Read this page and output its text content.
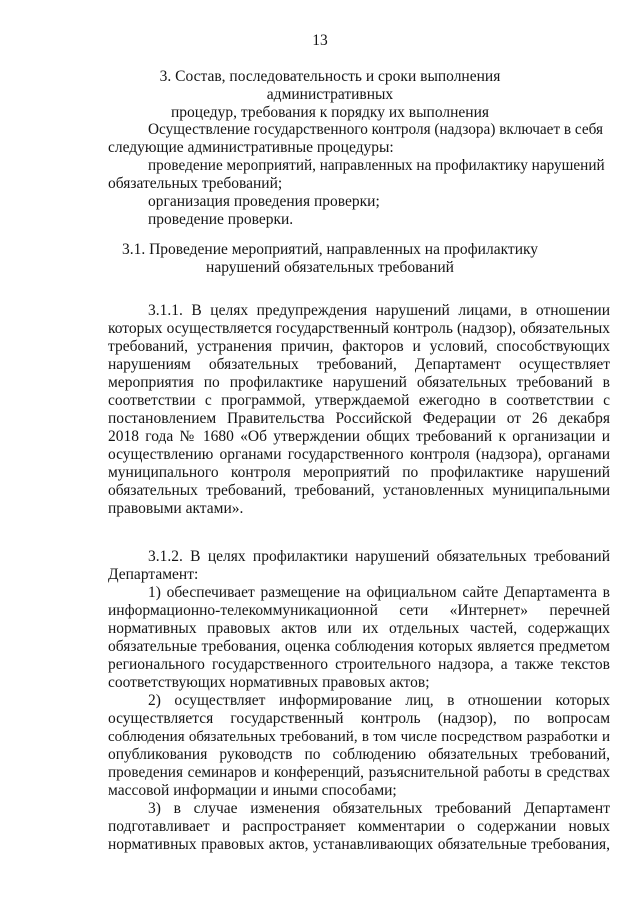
13
3. Состав, последовательность и сроки выполнения административных
процедур, требования к порядку их выполнения
Осуществление государственного контроля (надзора) включает в себя
следующие административные процедуры:
проведение мероприятий, направленных на профилактику нарушений
обязательных требований;
организация проведения проверки;
проведение проверки.
3.1. Проведение мероприятий, направленных на профилактику
нарушений обязательных требований
3.1.1. В целях предупреждения нарушений лицами, в отношении
которых осуществляется государственный контроль (надзор), обязательных
требований, устранения причин, факторов и условий, способствующих
нарушениям обязательных требований, Департамент осуществляет
мероприятия по профилактике нарушений обязательных требований в
соответствии с программой, утверждаемой ежегодно в соответствии с
постановлением Правительства Российской Федерации от 26 декабря
2018 года № 1680 «Об утверждении общих требований к организации и
осуществлению органами государственного контроля (надзора), органами
муниципального контроля мероприятий по профилактике нарушений
обязательных требований, требований, установленных муниципальными
правовыми актами».
3.1.2. В целях профилактики нарушений обязательных требований
Департамент:
1) обеспечивает размещение на официальном сайте Департамента в
информационно-телекоммуникационной сети «Интернет» перечней
нормативных правовых актов или их отдельных частей, содержащих
обязательные требования, оценка соблюдения которых является предметом
регионального государственного строительного надзора, а также текстов
соответствующих нормативных правовых актов;
2) осуществляет информирование лиц, в отношении которых
осуществляется государственный контроль (надзор), по вопросам
соблюдения обязательных требований, в том числе посредством разработки и
опубликования руководств по соблюдению обязательных требований,
проведения семинаров и конференций, разъяснительной работы в средствах
массовой информации и иными способами;
3) в случае изменения обязательных требований Департамент
подготавливает и распространяет комментарии о содержании новых
нормативных правовых актов, устанавливающих обязательные требования,
